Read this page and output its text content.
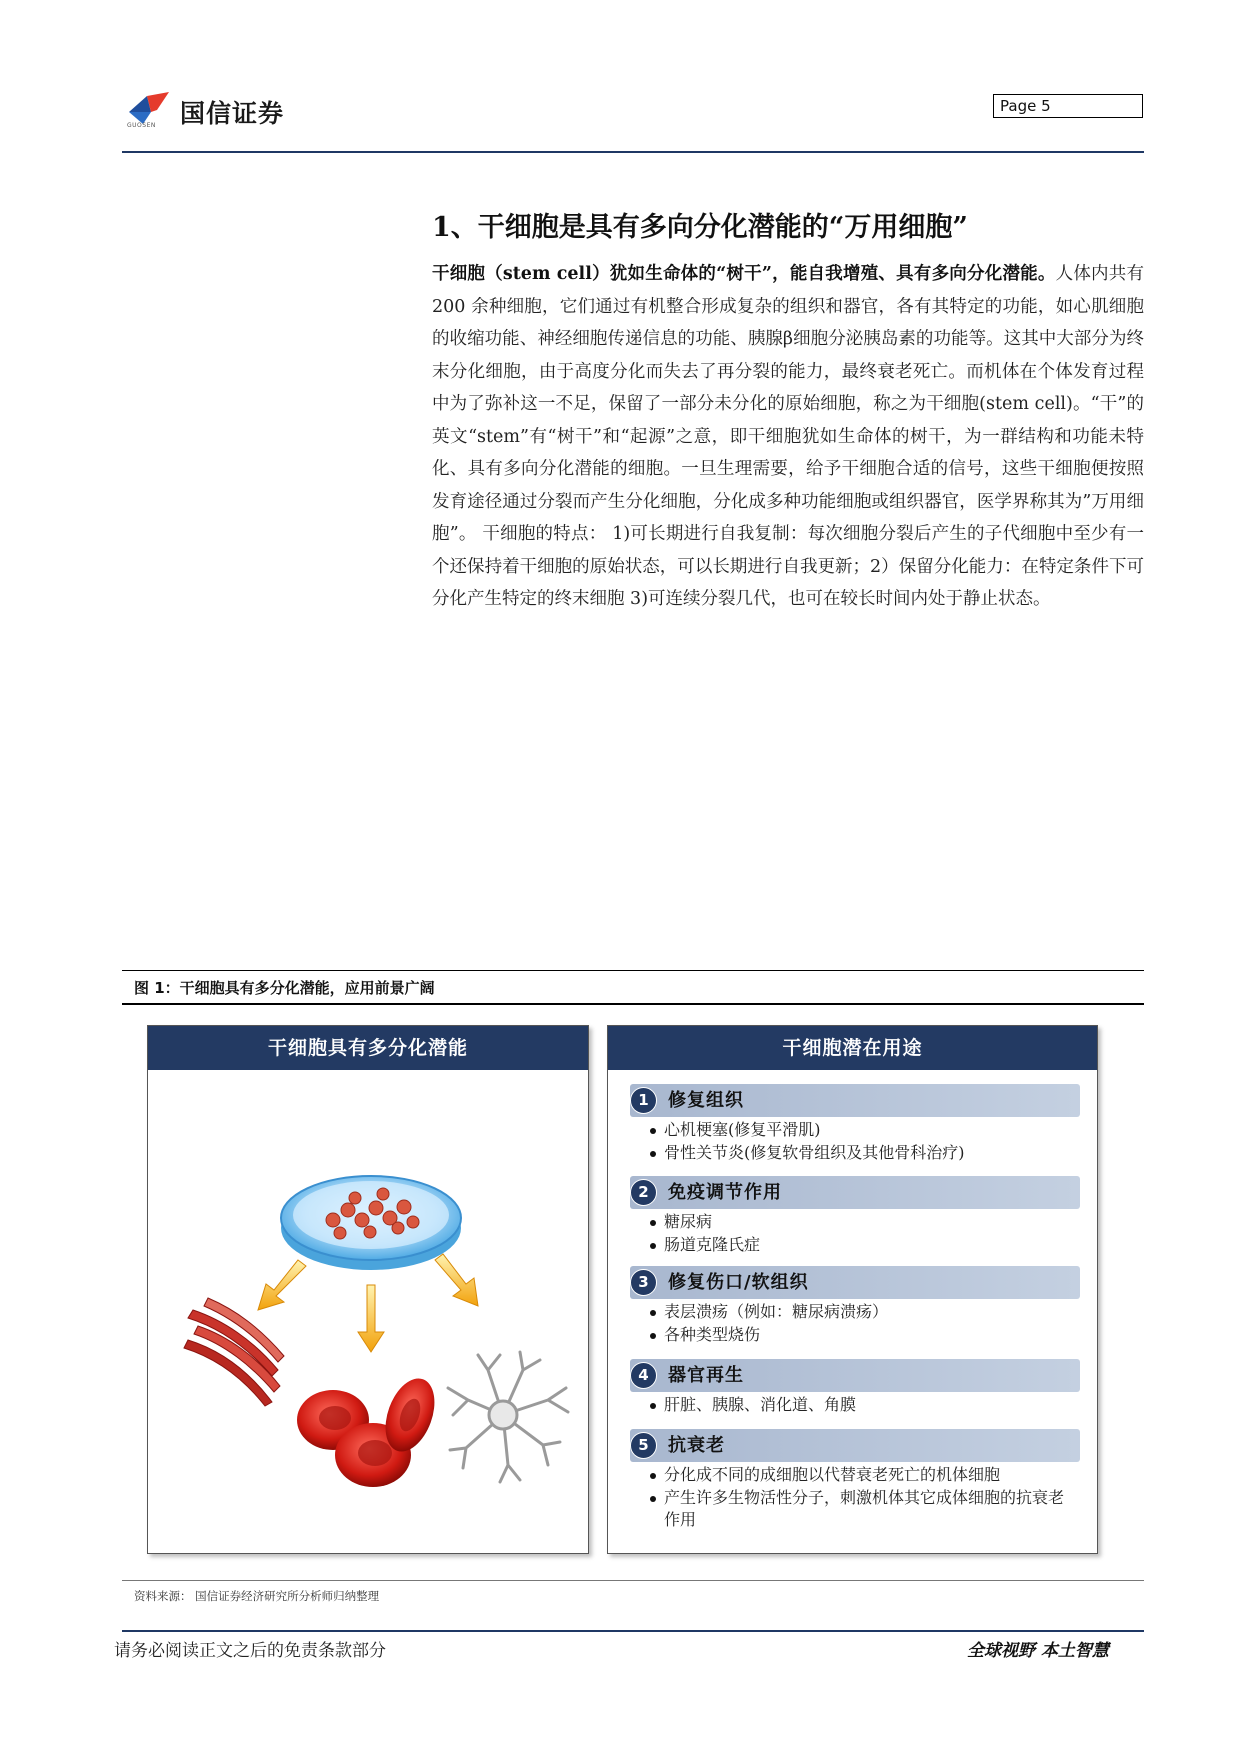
国信证券
GUOSEN
Page 5
1、干细胞是具有多向分化潜能的“万用细胞”
干细胞（stem cell）犹如生命体的“树干”，能自我增殖、具有多向分化潜能。人体内共有 200 余种细胞，它们通过有机整合形成复杂的组织和器官，各有其特定的功能，如心肌细胞的收缩功能、神经细胞传递信息的功能、胰腺β细胞分泌胰岛素的功能等。这其中大部分为终末分化细胞，由于高度分化而失去了再分裂的能力，最终衰老死亡。而机体在个体发育过程中为了弥补这一不足，保留了一部分未分化的原始细胞，称之为干细胞(stem cell)。“干”的英文“stem”有“树干”和“起源”之意，即干细胞犹如生命体的树干，为一群结构和功能未特化、具有多向分化潜能的细胞。一旦生理需要，给予干细胞合适的信号，这些干细胞便按照发育途径通过分裂而产生分化细胞，分化成多种功能细胞或组织器官，医学界称其为”万用细胞”。 干细胞的特点： 1)可长期进行自我复制：每次细胞分裂后产生的子代细胞中至少有一个还保持着干细胞的原始状态，可以长期进行自我更新；2）保留分化能力：在特定条件下可分化产生特定的终末细胞 3)可连续分裂几代，也可在较长时间内处于静止状态。
图 1：干细胞具有多分化潜能，应用前景广阔
干细胞具有多分化潜能	干细胞潜在用途
1	修复组织
心机梗塞(修复平滑肌)
骨性关节炎(修复软骨组织及其他骨科治疗)
2	免疫调节作用
糖尿病
肠道克隆氏症
3	修复伤口/软组织
表层溃疡（例如：糖尿病溃疡）
各种类型烧伤
4	器官再生
肝脏、胰腺、消化道、角膜
5	抗衰老
分化成不同的成细胞以代替衰老死亡的机体细胞
产生许多生物活性分子，刺激机体其它成体细胞的抗衰老作用
资料来源： 国信证券经济研究所分析师归纳整理
请务必阅读正文之后的免责条款部分	全球视野 本土智慧
